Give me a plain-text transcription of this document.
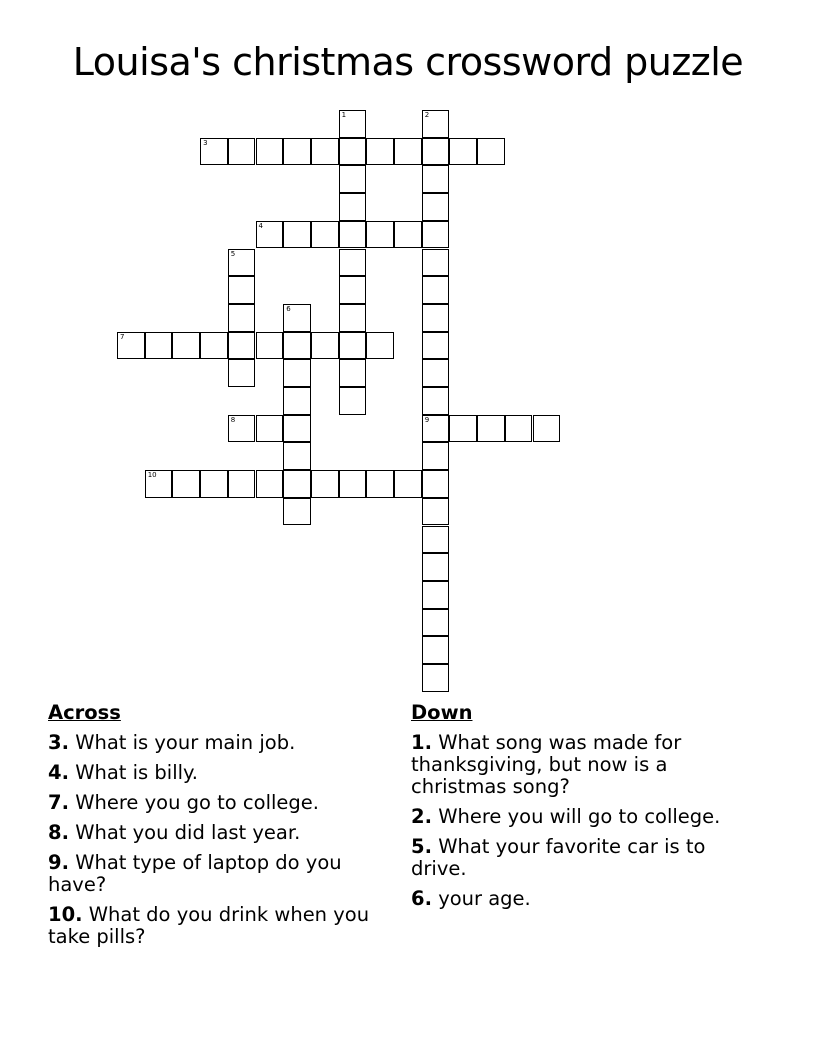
Louisa's christmas crossword puzzle
1	2
9
3
4
5
6
7
8
10
Across
3. What is your main job.
4. What is billy.
7. Where you go to college.
8. What you did last year.
9. What type of laptop do you have?
10. What do you drink when you take pills?
Down
1. What song was made for thanksgiving, but now is a christmas song?
2. Where you will go to college.
5. What your favorite car is to drive.
6. your age.
